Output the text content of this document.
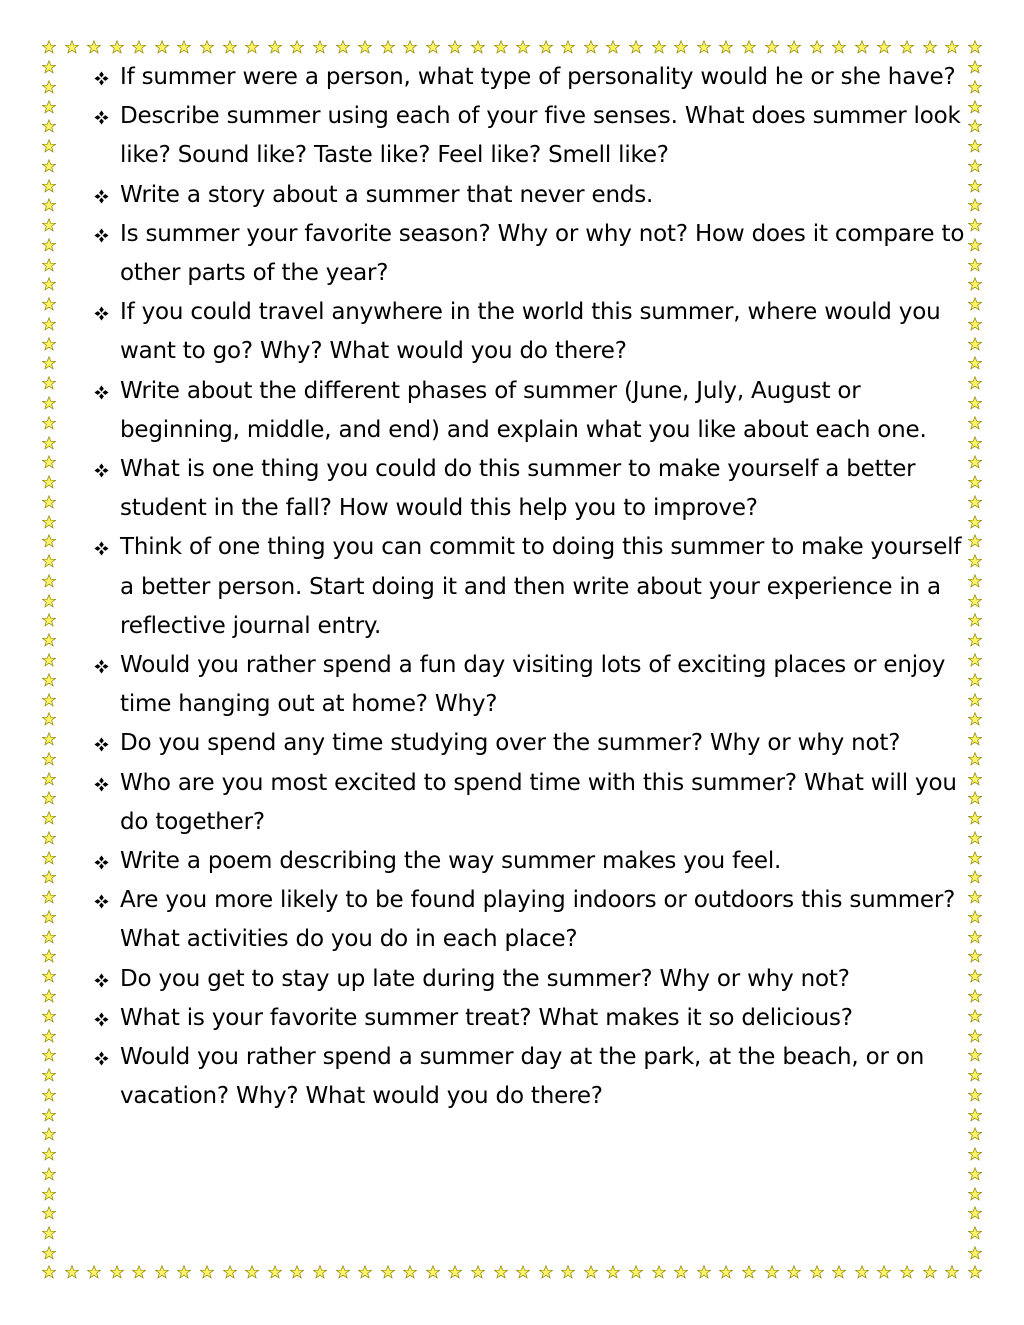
If summer were a person, what type of personality would he or she have?
Describe summer using each of your five senses. What does summer look like? Sound like? Taste like? Feel like? Smell like?
Write a story about a summer that never ends.
Is summer your favorite season? Why or why not? How does it compare to other parts of the year?
If you could travel anywhere in the world this summer, where would you want to go? Why? What would you do there?
Write about the different phases of summer (June, July, August or beginning, middle, and end) and explain what you like about each one.
What is one thing you could do this summer to make yourself a better student in the fall? How would this help you to improve?
Think of one thing you can commit to doing this summer to make yourself a better person. Start doing it and then write about your experience in a reflective journal entry.
Would you rather spend a fun day visiting lots of exciting places or enjoy time hanging out at home? Why?
Do you spend any time studying over the summer? Why or why not?
Who are you most excited to spend time with this summer? What will you do together?
Write a poem describing the way summer makes you feel.
Are you more likely to be found playing indoors or outdoors this summer? What activities do you do in each place?
Do you get to stay up late during the summer? Why or why not?
What is your favorite summer treat? What makes it so delicious?
Would you rather spend a summer day at the park, at the beach, or on vacation? Why? What would you do there?
